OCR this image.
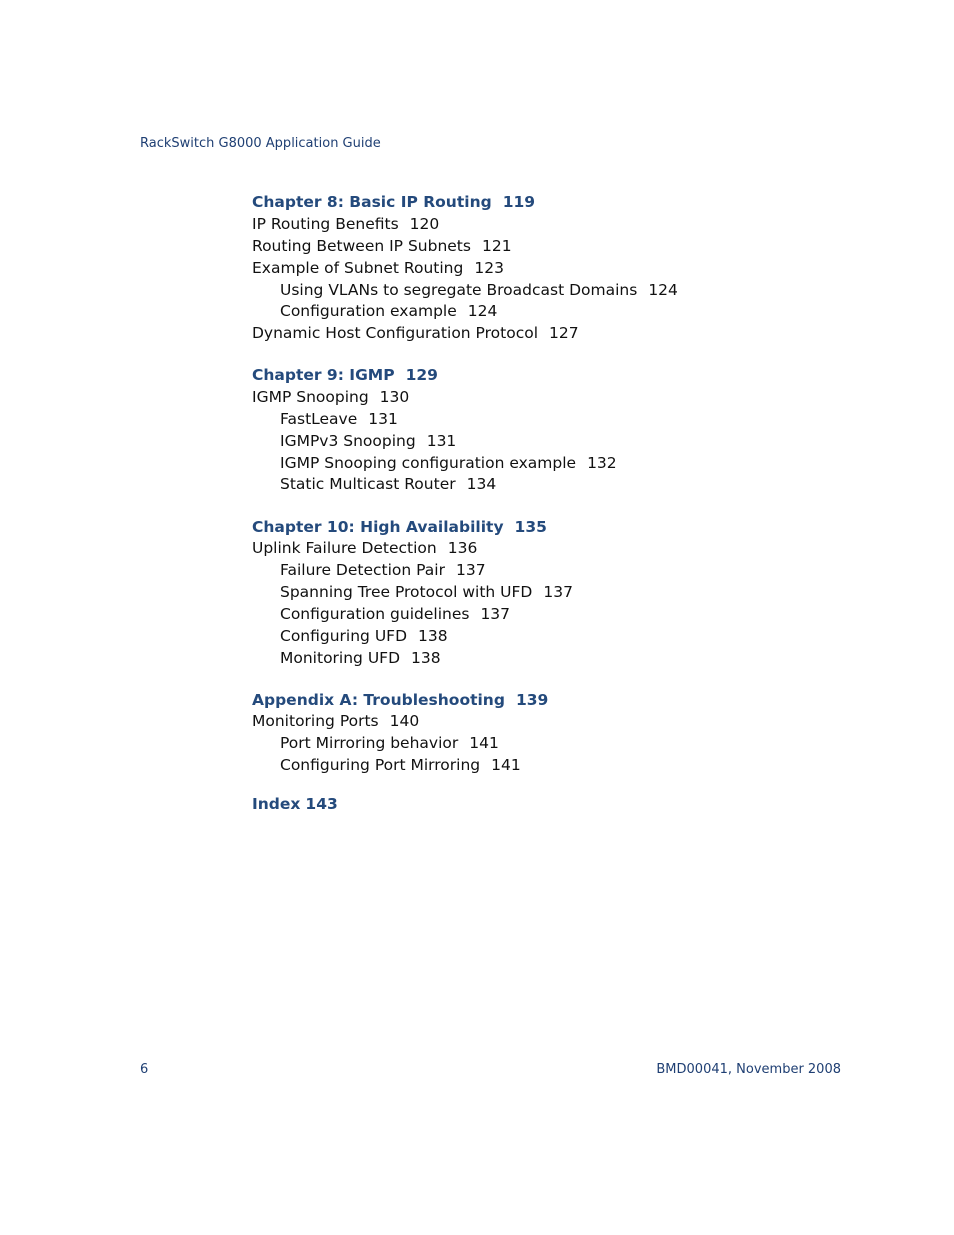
RackSwitch G8000 Application Guide
Chapter 8: Basic IP Routing 119
IP Routing Benefits 120
Routing Between IP Subnets 121
Example of Subnet Routing 123
Using VLANs to segregate Broadcast Domains 124
Configuration example 124
Dynamic Host Configuration Protocol 127
Chapter 9: IGMP 129
IGMP Snooping 130
FastLeave 131
IGMPv3 Snooping 131
IGMP Snooping configuration example 132
Static Multicast Router 134
Chapter 10: High Availability 135
Uplink Failure Detection 136
Failure Detection Pair 137
Spanning Tree Protocol with UFD 137
Configuration guidelines 137
Configuring UFD 138
Monitoring UFD 138
Appendix A: Troubleshooting 139
Monitoring Ports 140
Port Mirroring behavior 141
Configuring Port Mirroring 141
Index 143
6	BMD00041, November 2008
